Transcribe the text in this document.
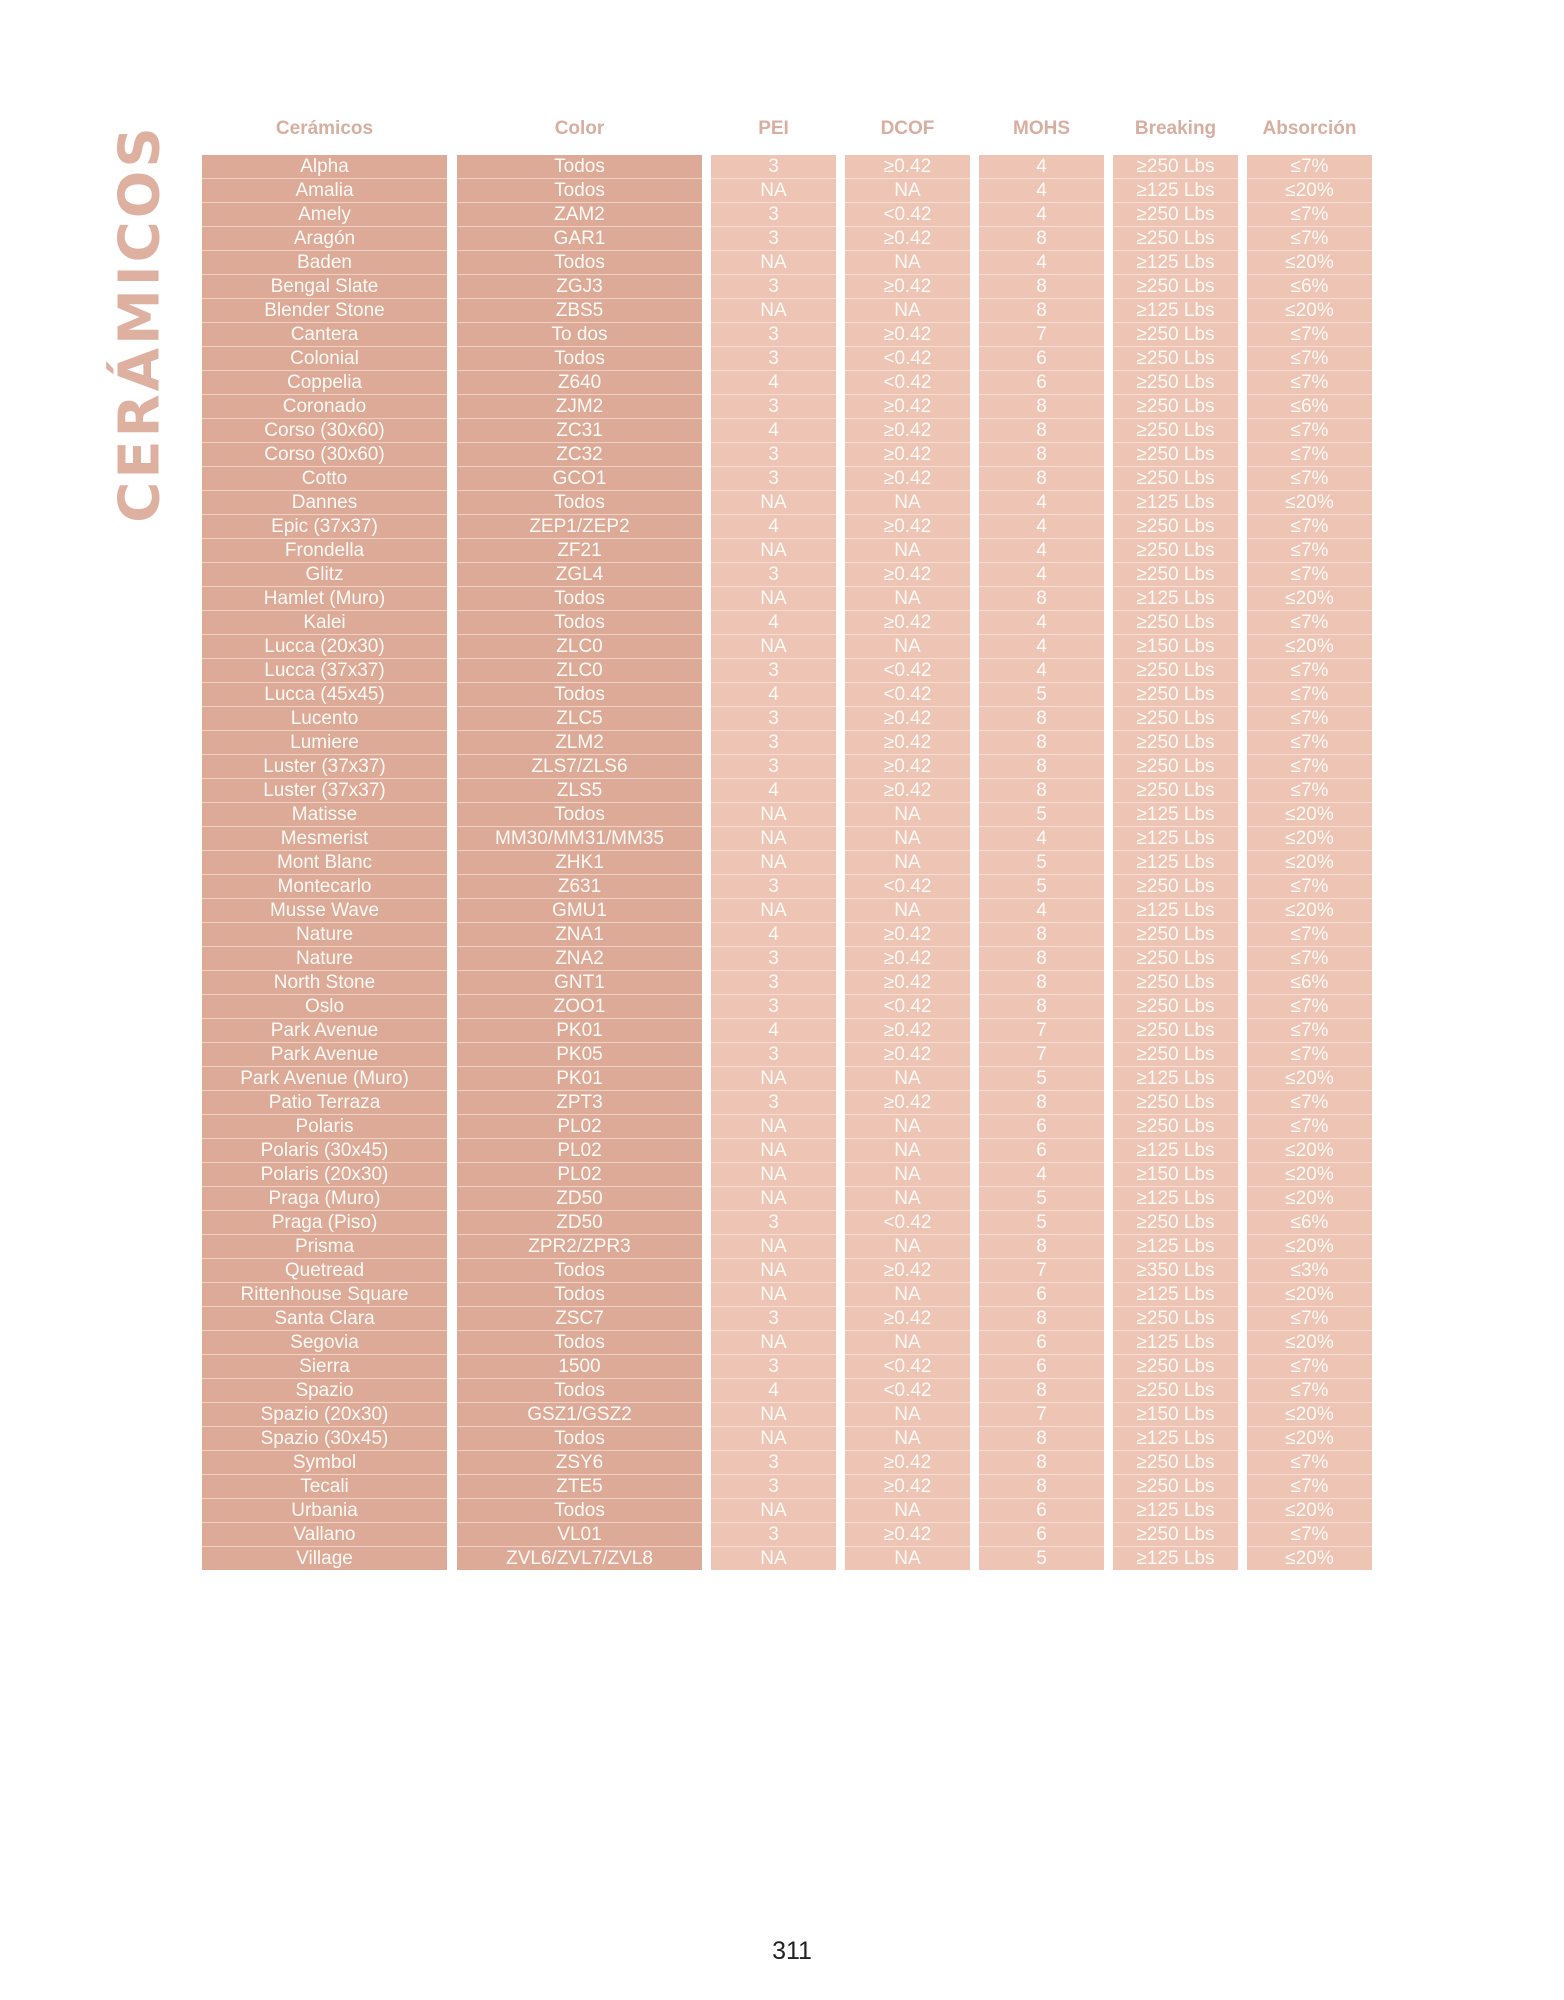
CERÁMICOS	Cerámicos	Color	PEI	DCOF	MOHS	Breaking	Absorción
Alpha	Todos	3	≥0.42	4	≥250 Lbs	≤7%
Amalia	Todos	NA	NA	4	≥125 Lbs	≤20%
Amely	ZAM2	3	<0.42	4	≥250 Lbs	≤7%
Aragón	GAR1	3	≥0.42	8	≥250 Lbs	≤7%
Baden	Todos	NA	NA	4	≥125 Lbs	≤20%
Bengal Slate	ZGJ3	3	≥0.42	8	≥250 Lbs	≤6%
Blender Stone	ZBS5	NA	NA	8	≥125 Lbs	≤20%
Cantera	To dos	3	≥0.42	7	≥250 Lbs	≤7%
Colonial	Todos	3	<0.42	6	≥250 Lbs	≤7%
Coppelia	Z640	4	<0.42	6	≥250 Lbs	≤7%
Coronado	ZJM2	3	≥0.42	8	≥250 Lbs	≤6%
Corso (30x60)	ZC31	4	≥0.42	8	≥250 Lbs	≤7%
Corso (30x60)	ZC32	3	≥0.42	8	≥250 Lbs	≤7%
Cotto	GCO1	3	≥0.42	8	≥250 Lbs	≤7%
Dannes	Todos	NA	NA	4	≥125 Lbs	≤20%
Epic (37x37)	ZEP1/ZEP2	4	≥0.42	4	≥250 Lbs	≤7%
Frondella	ZF21	NA	NA	4	≥250 Lbs	≤7%
Glitz	ZGL4	3	≥0.42	4	≥250 Lbs	≤7%
Hamlet (Muro)	Todos	NA	NA	8	≥125 Lbs	≤20%
Kalei	Todos	4	≥0.42	4	≥250 Lbs	≤7%
Lucca (20x30)	ZLC0	NA	NA	4	≥150 Lbs	≤20%
Lucca (37x37)	ZLC0	3	<0.42	4	≥250 Lbs	≤7%
Lucca (45x45)	Todos	4	<0.42	5	≥250 Lbs	≤7%
Lucento	ZLC5	3	≥0.42	8	≥250 Lbs	≤7%
Lumiere	ZLM2	3	≥0.42	8	≥250 Lbs	≤7%
Luster (37x37)	ZLS7/ZLS6	3	≥0.42	8	≥250 Lbs	≤7%
Luster (37x37)	ZLS5	4	≥0.42	8	≥250 Lbs	≤7%
Matisse	Todos	NA	NA	5	≥125 Lbs	≤20%
Mesmerist	MM30/MM31/MM35	NA	NA	4	≥125 Lbs	≤20%
Mont Blanc	ZHK1	NA	NA	5	≥125 Lbs	≤20%
Montecarlo	Z631	3	<0.42	5	≥250 Lbs	≤7%
Musse Wave	GMU1	NA	NA	4	≥125 Lbs	≤20%
Nature	ZNA1	4	≥0.42	8	≥250 Lbs	≤7%
Nature	ZNA2	3	≥0.42	8	≥250 Lbs	≤7%
North Stone	GNT1	3	≥0.42	8	≥250 Lbs	≤6%
Oslo	ZOO1	3	<0.42	8	≥250 Lbs	≤7%
Park Avenue	PK01	4	≥0.42	7	≥250 Lbs	≤7%
Park Avenue	PK05	3	≥0.42	7	≥250 Lbs	≤7%
Park Avenue (Muro)	PK01	NA	NA	5	≥125 Lbs	≤20%
Patio Terraza	ZPT3	3	≥0.42	8	≥250 Lbs	≤7%
Polaris	PL02	NA	NA	6	≥250 Lbs	≤7%
Polaris (30x45)	PL02	NA	NA	6	≥125 Lbs	≤20%
Polaris (20x30)	PL02	NA	NA	4	≥150 Lbs	≤20%
Praga (Muro)	ZD50	NA	NA	5	≥125 Lbs	≤20%
Praga (Piso)	ZD50	3	<0.42	5	≥250 Lbs	≤6%
Prisma	ZPR2/ZPR3	NA	NA	8	≥125 Lbs	≤20%
Quetread	Todos	NA	≥0.42	7	≥350 Lbs	≤3%
Rittenhouse Square	Todos	NA	NA	6	≥125 Lbs	≤20%
Santa Clara	ZSC7	3	≥0.42	8	≥250 Lbs	≤7%
Segovia	Todos	NA	NA	6	≥125 Lbs	≤20%
Sierra	1500	3	<0.42	6	≥250 Lbs	≤7%
Spazio	Todos	4	<0.42	8	≥250 Lbs	≤7%
Spazio (20x30)	GSZ1/GSZ2	NA	NA	7	≥150 Lbs	≤20%
Spazio (30x45)	Todos	NA	NA	8	≥125 Lbs	≤20%
Symbol	ZSY6	3	≥0.42	8	≥250 Lbs	≤7%
Tecali	ZTE5	3	≥0.42	8	≥250 Lbs	≤7%
Urbania	Todos	NA	NA	6	≥125 Lbs	≤20%
Vallano	VL01	3	≥0.42	6	≥250 Lbs	≤7%
Village	ZVL6/ZVL7/ZVL8	NA	NA	5	≥125 Lbs	≤20%
311
